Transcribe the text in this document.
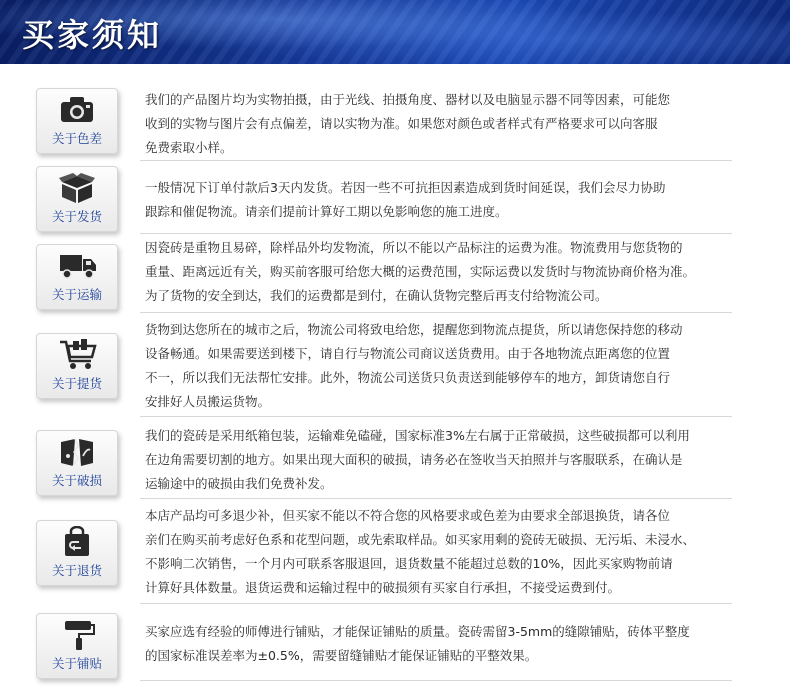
买家须知
关于色差
我们的产品图片均为实物拍摄，由于光线、拍摄角度、器材以及电脑显示器不同等因素，可能您
收到的实物与图片会有点偏差，请以实物为准。如果您对颜色或者样式有严格要求可以向客服
免费索取小样。
关于发货
一般情况下订单付款后3天内发货。若因一些不可抗拒因素造成到货时间延误，我们会尽力协助
跟踪和催促物流。请亲们提前计算好工期以免影响您的施工进度。
关于运输
因瓷砖是重物且易碎，除样品外均发物流，所以不能以产品标注的运费为准。物流费用与您货物的
重量、距离远近有关，购买前客服可给您大概的运费范围，实际运费以发货时与物流协商价格为准。
为了货物的安全到达，我们的运费都是到付，在确认货物完整后再支付给物流公司。
关于提货
货物到达您所在的城市之后，物流公司将致电给您，提醒您到物流点提货，所以请您保持您的移动
设备畅通。如果需要送到楼下，请自行与物流公司商议送货费用。由于各地物流点距离您的位置
不一，所以我们无法帮忙安排。此外，物流公司送货只负责送到能够停车的地方，卸货请您自行
安排好人员搬运货物。
关于破损
我们的瓷砖是采用纸箱包装，运输难免磕碰，国家标准3%左右属于正常破损，这些破损都可以利用
在边角需要切割的地方。如果出现大面积的破损，请务必在签收当天拍照并与客服联系，在确认是
运输途中的破损由我们免费补发。
关于退货
本店产品均可多退少补，但买家不能以不符合您的风格要求或色差为由要求全部退换货，请各位
亲们在购买前考虑好色系和花型问题，或先索取样品。如买家用剩的瓷砖无破损、无污垢、未浸水、
不影响二次销售，一个月内可联系客服退回，退货数量不能超过总数的10%，因此买家购物前请
计算好具体数量。退货运费和运输过程中的破损须有买家自行承担，不接受运费到付。
关于铺贴
买家应选有经验的师傅进行铺贴，才能保证铺贴的质量。瓷砖需留3-5mm的缝隙铺贴，砖体平整度
的国家标准误差率为±0.5%，需要留缝铺贴才能保证铺贴的平整效果。
